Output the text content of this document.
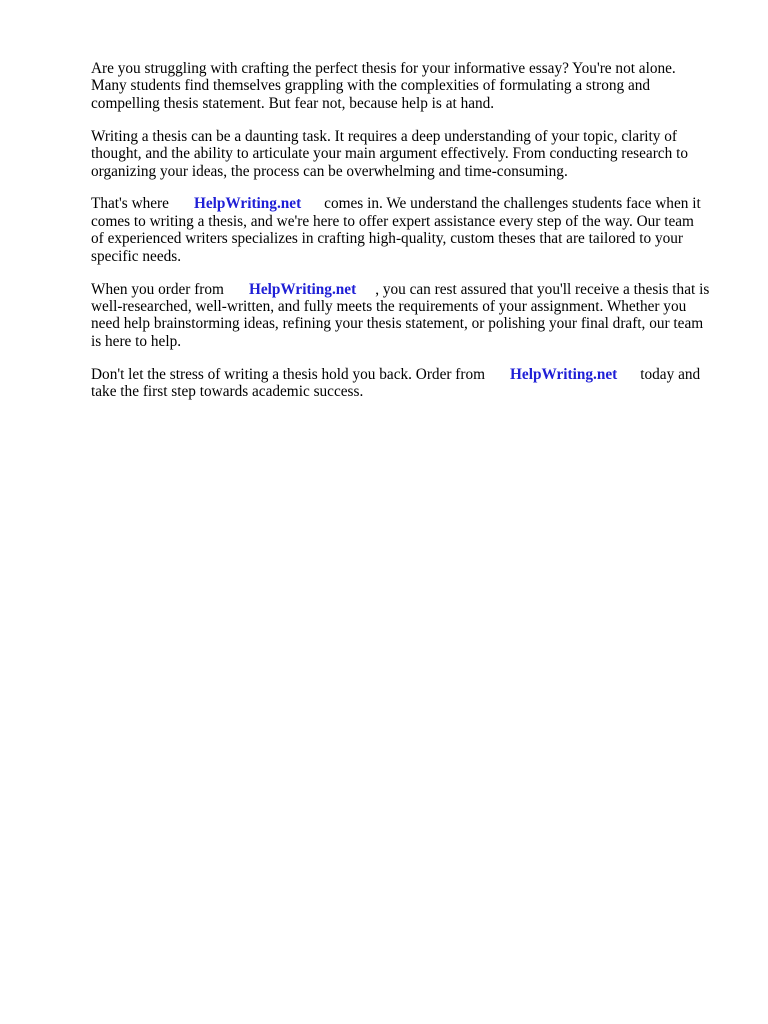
Are you struggling with crafting the perfect thesis for your informative essay? You're not alone.
Many students find themselves grappling with the complexities of formulating a strong and
compelling thesis statement. But fear not, because help is at hand.

Writing a thesis can be a daunting task. It requires a deep understanding of your topic, clarity of
thought, and the ability to articulate your main argument effectively. From conducting research to
organizing your ideas, the process can be overwhelming and time-consuming.

That's where HelpWriting.net comes in. We understand the challenges students face when it
comes to writing a thesis, and we're here to offer expert assistance every step of the way. Our team
of experienced writers specializes in crafting high-quality, custom theses that are tailored to your
specific needs.

When you order from HelpWriting.net , you can rest assured that you'll receive a thesis that is
well-researched, well-written, and fully meets the requirements of your assignment. Whether you
need help brainstorming ideas, refining your thesis statement, or polishing your final draft, our team
is here to help.

Don't let the stress of writing a thesis hold you back. Order from HelpWriting.net today and
take the first step towards academic success.
